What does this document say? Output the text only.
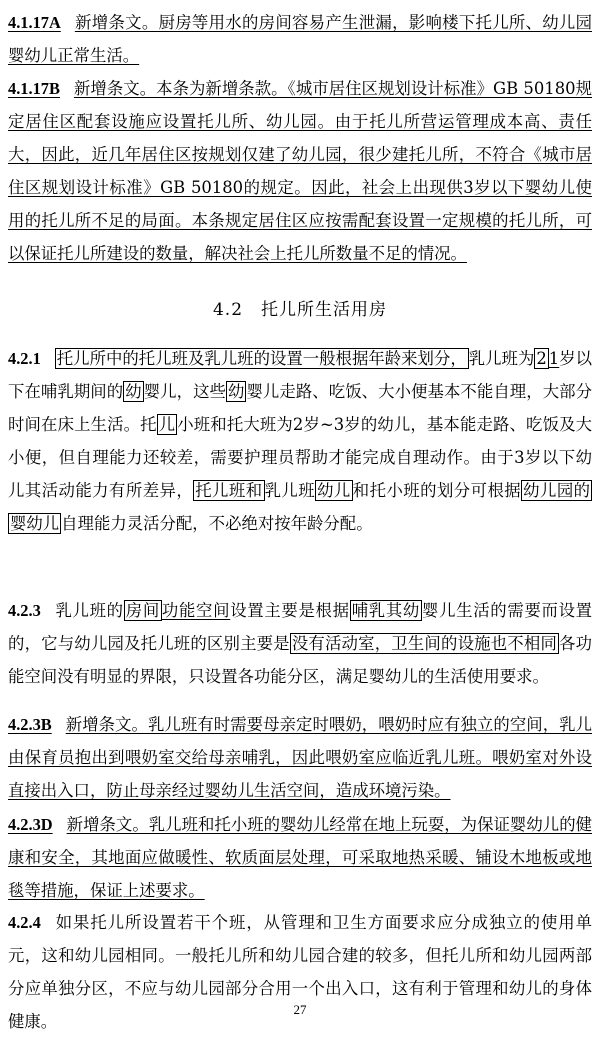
4.1.17A 新增条文。厨房等用水的房间容易产生泄漏，影响楼下托儿所、幼儿园婴幼儿正常生活。

4.1.17B 新增条文。本条为新增条款。《城市居住区规划设计标准》GB 50180规定居住区配套设施应设置托儿所、幼儿园。由于托儿所营运管理成本高、责任大，因此，近几年居住区按规划仅建了幼儿园，很少建托儿所，不符合《城市居住区规划设计标准》GB 50180的规定。因此，社会上出现供3岁以下婴幼儿使用的托儿所不足的局面。本条规定居住区应按需配套设置一定规模的托儿所，可以保证托儿所建设的数量，解决社会上托儿所数量不足的情况。

4.2　托儿所生活用房

4.2.1 托儿所中的托儿班及乳儿班的设置一般根据年龄来划分， 乳儿班为 2 1岁以下在哺乳期间的 幼 婴儿，这些 幼 婴儿走路、吃饭、大小便基本不能自理，大部分时间在床上生活。托 儿 小班和托大班为2岁~3岁的幼儿，基本能走路、吃饭及大小便，但自理能力还较差，需要护理员帮助才能完成自理动作。由于3岁以下幼儿其活动能力有所差异， 托儿班和 乳儿班 幼儿 和托小班的划分可根据 幼儿园的婴幼儿 自理能力灵活分配，不必绝对按年龄分配。

4.2.3 乳儿班的 房间 功能空间设置主要是根据 哺乳其幼 婴儿生活的需要而设置的，它与幼儿园及托儿班的区别主要是 没有活动室，卫生间的设施也不相同 各功能空间没有明显的界限，只设置各功能分区，满足婴幼儿的生活使用要求。

4.2.3B 新增条文。乳儿班有时需要母亲定时喂奶，喂奶时应有独立的空间，乳儿由保育员抱出到喂奶室交给母亲哺乳，因此喂奶室应临近乳儿班。喂奶室对外设直接出入口，防止母亲经过婴幼儿生活空间，造成环境污染。

4.2.3D 新增条文。乳儿班和托小班的婴幼儿经常在地上玩耍，为保证婴幼儿的健康和安全，其地面应做暖性、软质面层处理，可采取地热采暖、铺设木地板或地毯等措施，保证上述要求。

4.2.4 如果托儿所设置若干个班，从管理和卫生方面要求应分成独立的使用单元，这和幼儿园相同。一般托儿所和幼儿园合建的较多，但托儿所和幼儿园两部分应单独分区，不应与幼儿园部分合用一个出入口，这有利于管理和幼儿的身体健康。

27
